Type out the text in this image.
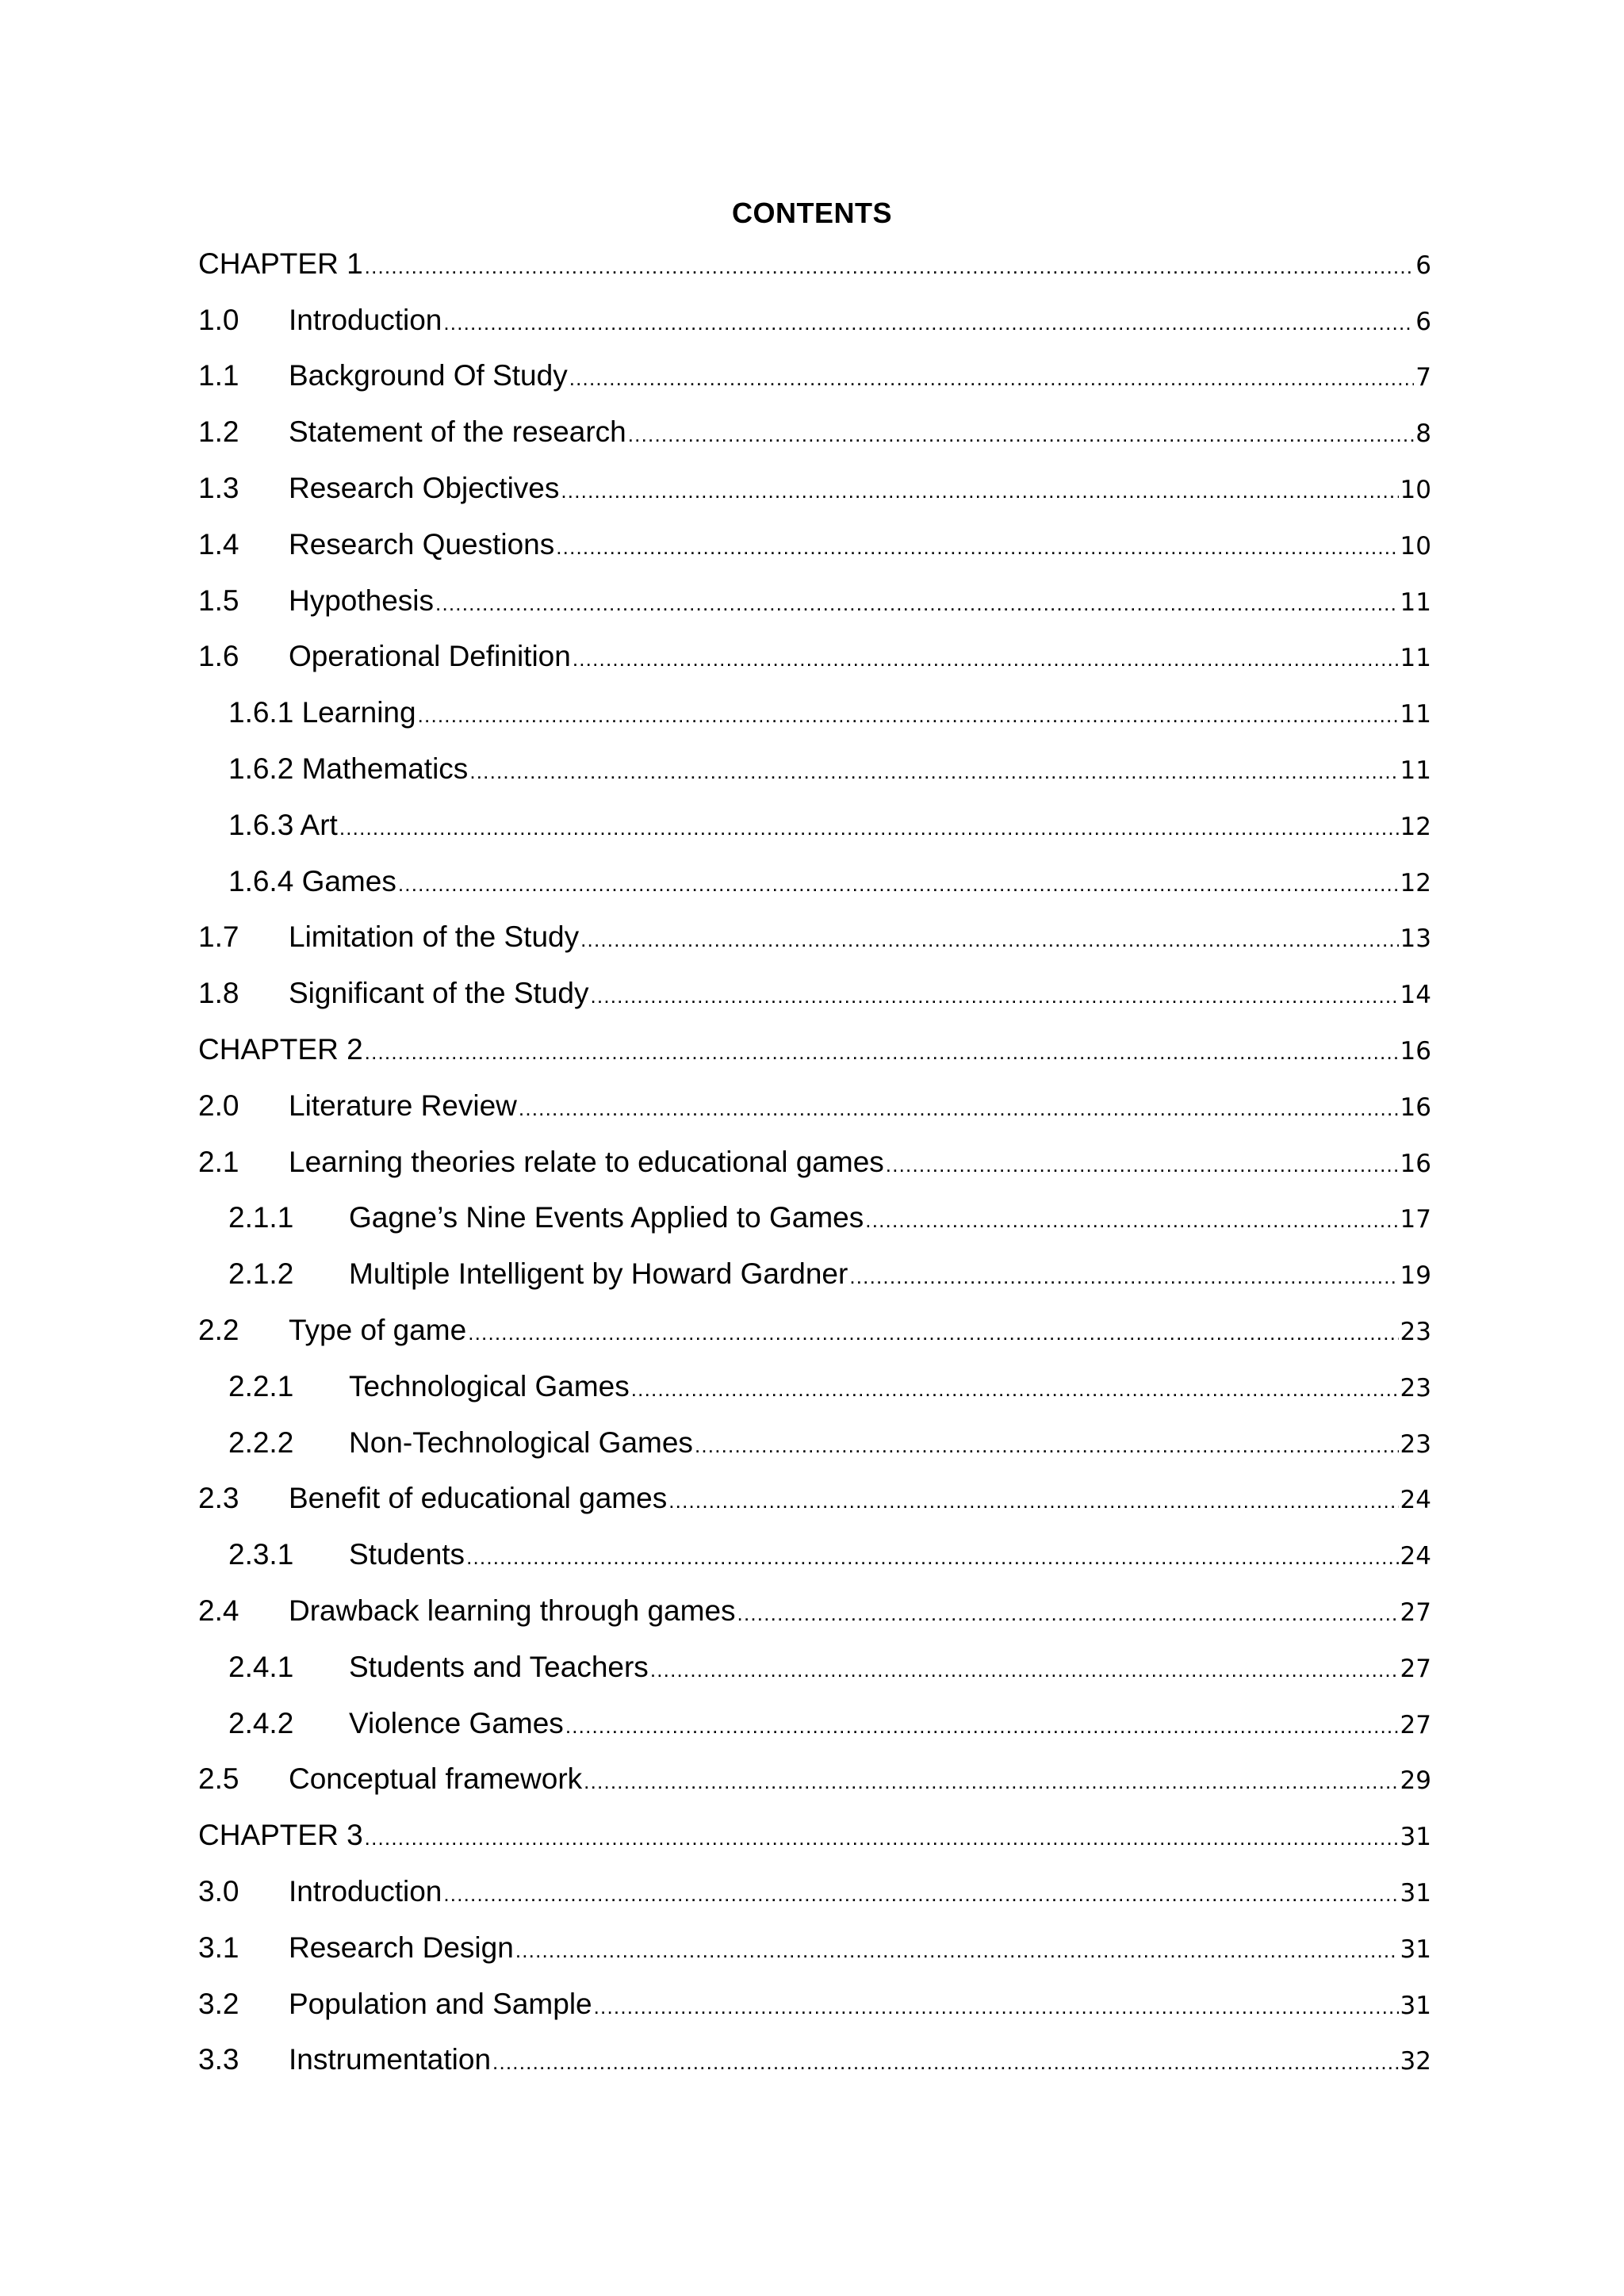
CONTENTS
CHAPTER 1 .....	6
1.0	Introduction .....	6
1.1	Background Of Study .....	7
1.2	Statement of the research .....	8
1.3	Research Objectives .....	10
1.4	Research Questions .....	10
1.5	Hypothesis .....	11
1.6	Operational Definition .....	11
1.6.1 Learning .....	11
1.6.2 Mathematics .....	11
1.6.3 Art .....	12
1.6.4 Games .....	12
1.7	Limitation of the Study .....	13
1.8	Significant of the Study .....	14
CHAPTER 2 .....	16
2.0	Literature Review .....	16
2.1	Learning theories relate to educational games .....	16
2.1.1	Gagne’s Nine Events Applied to Games .....	17
2.1.2	Multiple Intelligent by Howard Gardner .....	19
2.2	Type of game .....	23
2.2.1	Technological Games .....	23
2.2.2	Non-Technological Games .....	23
2.3	Benefit of educational games .....	24
2.3.1	Students .....	24
2.4	Drawback learning through games .....	27
2.4.1	Students and Teachers .....	27
2.4.2	Violence Games .....	27
2.5	Conceptual framework .....	29
CHAPTER 3 .....	31
3.0	Introduction .....	31
3.1	Research Design .....	31
3.2	Population and Sample .....	31
3.3	Instrumentation .....	32
